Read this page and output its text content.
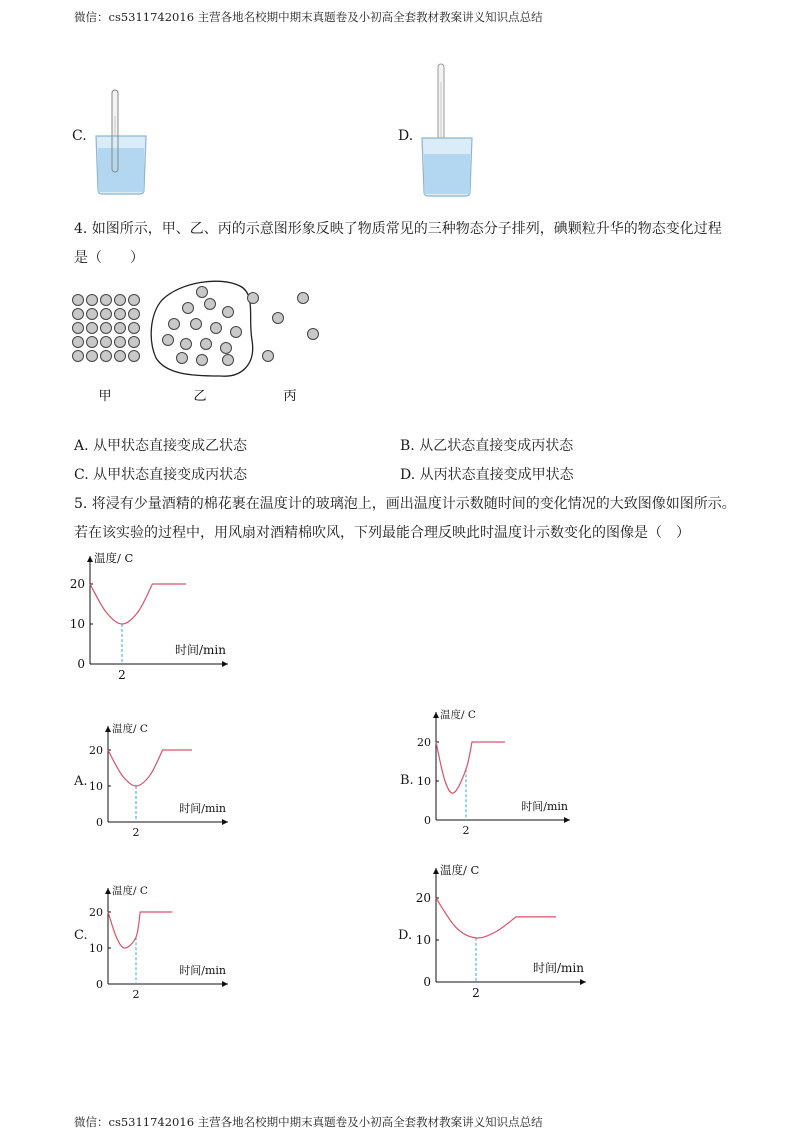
微信：cs5311742016 主营各地名校期中期末真题卷及小初高全套教材教案讲义知识点总结
C.	D.
4. 如图所示，甲、乙、丙的示意图形象反映了物质常见的三种物态分子排列，碘颗粒升华的物态变化过程
是（　　）
甲	乙	丙
A. 从甲状态直接变成乙状态	B. 从乙状态直接变成丙状态
C. 从甲状态直接变成丙状态	D. 从丙状态直接变成甲状态
5. 将浸有少量酒精的棉花裹在温度计的玻璃泡上，画出温度计示数随时间的变化情况的大致图像如图所示。
若在该实验的过程中，用风扇对酒精棉吹风，下列最能合理反映此时温度计示数变化的图像是（　）
0
10
20
2
温度/ C
时间/min
A.
0
10
20
2
温度/ C
时间/min
B.
0
10
20
2
温度/ C
时间/min
C.
0
10
20
2
温度/ C
时间/min
D.
0
10
20
2
温度/ C
时间/min
微信：cs5311742016 主营各地名校期中期末真题卷及小初高全套教材教案讲义知识点总结
